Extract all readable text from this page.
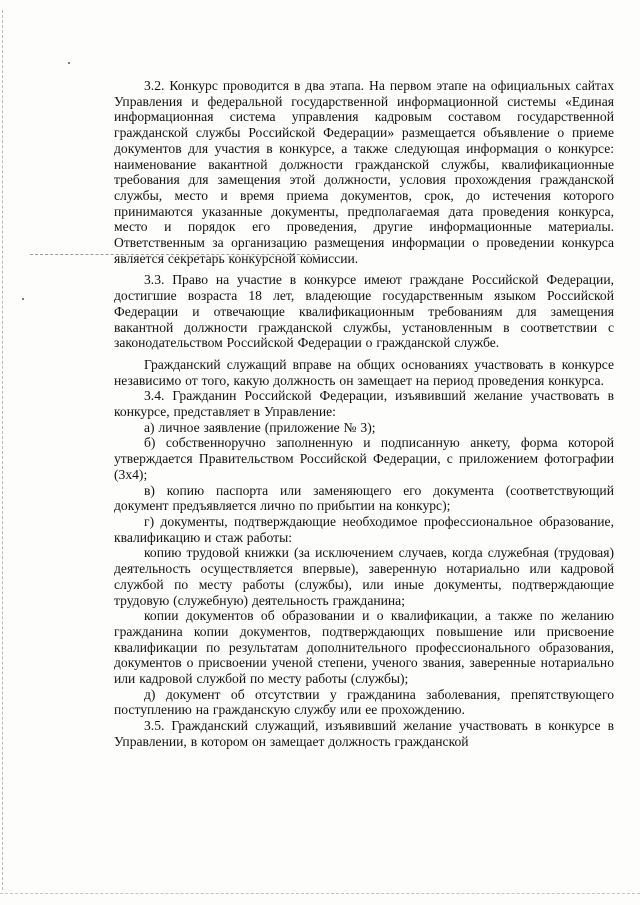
3.2. Конкурс проводится в два этапа. На первом этапе на официальных сайтах Управления и федеральной государственной информационной системы «Единая информационная система управления кадровым составом государственной гражданской службы Российской Федерации» размещается объявление о приеме документов для участия в конкурсе, а также следующая информация о конкурсе: наименование вакантной должности гражданской службы, квалификационные требования для замещения этой должности, условия прохождения гражданской службы, место и время приема документов, срок, до истечения которого принимаются указанные документы, предполагаемая дата проведения конкурса, место и порядок его проведения, другие информационные материалы. Ответственным за организацию размещения информации о проведении конкурса является секретарь конкурсной комиссии.

3.3. Право на участие в конкурсе имеют граждане Российской Федерации, достигшие возраста 18 лет, владеющие государственным языком Российской Федерации и отвечающие квалификационным требованиям для замещения вакантной должности гражданской службы, установленным в соответствии с законодательством Российской Федерации о гражданской службе.

Гражданский служащий вправе на общих основаниях участвовать в конкурсе независимо от того, какую должность он замещает на период проведения конкурса.

3.4. Гражданин Российской Федерации, изъявивший желание участвовать в конкурсе, представляет в Управление:

а) личное заявление (приложение № 3);

б) собственноручно заполненную и подписанную анкету, форма которой утверждается Правительством Российской Федерации, с приложением фотографии (3х4);

в) копию паспорта или заменяющего его документа (соответствующий документ предъявляется лично по прибытии на конкурс);

г) документы, подтверждающие необходимое профессиональное образование, квалификацию и стаж работы:

копию трудовой книжки (за исключением случаев, когда служебная (трудовая) деятельность осуществляется впервые), заверенную нотариально или кадровой службой по месту работы (службы), или иные документы, подтверждающие трудовую (служебную) деятельность гражданина;

копии документов об образовании и о квалификации, а также по желанию гражданина копии документов, подтверждающих повышение или присвоение квалификации по результатам дополнительного профессионального образования, документов о присвоении ученой степени, ученого звания, заверенные нотариально или кадровой службой по месту работы (службы);

д) документ об отсутствии у гражданина заболевания, препятствующего поступлению на гражданскую службу или ее прохождению.

3.5. Гражданский служащий, изъявивший желание участвовать в конкурсе в Управлении, в котором он замещает должность гражданской
